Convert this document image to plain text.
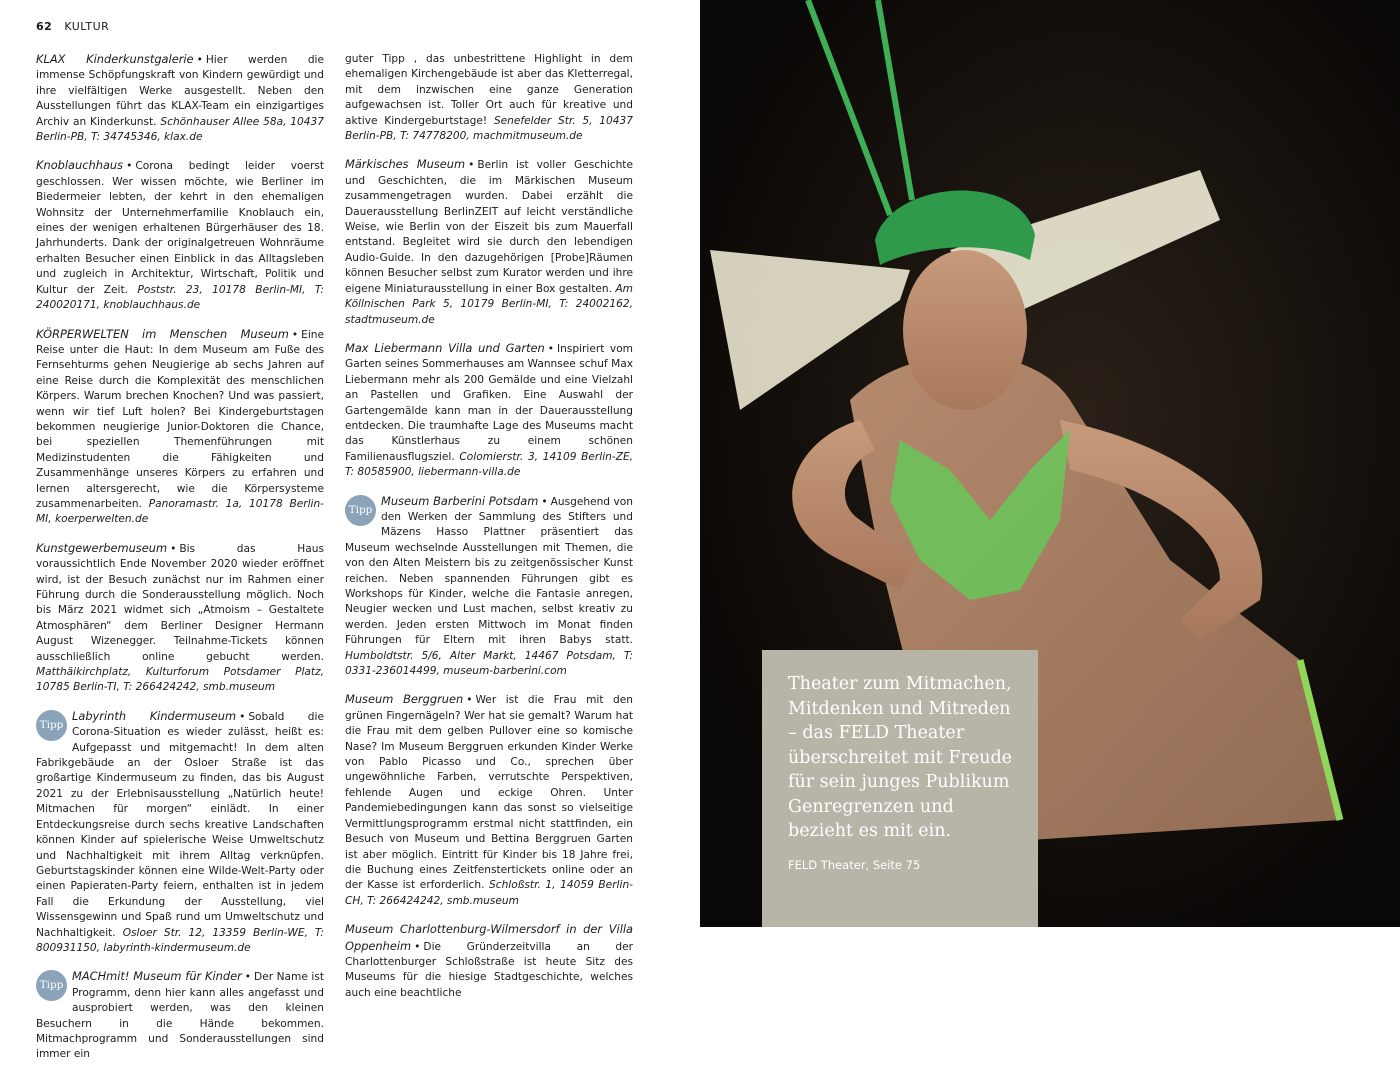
62 KULTUR

KLAX Kinderkunstgalerie • Hier werden die immense Schöpfungskraft von Kindern gewürdigt und ihre vielfältigen Werke ausgestellt. Neben den Ausstellungen führt das KLAX-Team ein einzigartiges Archiv an Kinderkunst. Schönhauser Allee 58a, 10437 Berlin-PB, T: 34745346, klax.de

Knoblauchhaus • Corona bedingt leider voerst geschlossen. Wer wissen möchte, wie Berliner im Biedermeier lebten, der kehrt in den ehemaligen Wohnsitz der Unternehmerfamilie Knoblauch ein, eines der wenigen erhaltenen Bürgerhäuser des 18. Jahrhunderts. Dank der originalgetreuen Wohnräume erhalten Besucher einen Einblick in das Alltagsleben und zugleich in Architektur, Wirtschaft, Politik und Kultur der Zeit. Poststr. 23, 10178 Berlin-MI, T: 240020171, knoblauchhaus.de

KÖRPERWELTEN im Menschen Museum • Eine Reise unter die Haut: In dem Museum am Fuße des Fernsehturms gehen Neugierige ab sechs Jahren auf eine Reise durch die Komplexität des menschlichen Körpers. Warum brechen Knochen? Und was passiert, wenn wir tief Luft holen? Bei Kindergeburtstagen bekommen neugierige Junior-Doktoren die Chance, bei speziellen Themenführungen mit Medizinstudenten die Fähigkeiten und Zusammenhänge unseres Körpers zu erfahren und lernen altersgerecht, wie die Körpersysteme zusammenarbeiten. Panoramastr. 1a, 10178 Berlin-MI, koerperwelten.de

Kunstgewerbemuseum • Bis das Haus voraussichtlich Ende November 2020 wieder eröffnet wird, ist der Besuch zunächst nur im Rahmen einer Führung durch die Sonderausstellung möglich. Noch bis März 2021 widmet sich „Atmoism – Gestaltete Atmosphären“ dem Berliner Designer Hermann August Wizenegger. Teilnahme-Tickets können ausschließlich online gebucht werden. Matthäikirchplatz, Kulturforum Potsdamer Platz, 10785 Berlin-TI, T: 266424242, smb.museum

Tipp
Labyrinth Kindermuseum • Sobald die Corona-Situation es wieder zulässt, heißt es: Aufgepasst und mitgemacht! In dem alten Fabrikgebäude an der Osloer Straße ist das großartige Kindermuseum zu finden, das bis August 2021 zu der Erlebnisausstellung „Natürlich heute! Mitmachen für morgen“ einlädt. In einer Entdeckungsreise durch sechs kreative Landschaften können Kinder auf spielerische Weise Umweltschutz und Nachhaltigkeit mit ihrem Alltag verknüpfen. Geburtstagskinder können eine Wilde-Welt-Party oder einen Papieraten-Party feiern, enthalten ist in jedem Fall die Erkundung der Ausstellung, viel Wissensgewinn und Spaß rund um Umweltschutz und Nachhaltigkeit. Osloer Str. 12, 13359 Berlin-WE, T: 800931150, labyrinth-kindermuseum.de

Tipp
MACHmit! Museum für Kinder • Der Name ist Programm, denn hier kann alles angefasst und ausprobiert werden, was den kleinen Besuchern in die Hände bekommen. Mitmachprogramm und Sonderausstellungen sind immer ein

guter Tipp , das unbestrittene Highlight in dem ehemaligen Kirchengebäude ist aber das Kletterregal, mit dem inzwischen eine ganze Generation aufgewachsen ist. Toller Ort auch für kreative und aktive Kindergeburtstage! Senefelder Str. 5, 10437 Berlin-PB, T: 74778200, machmitmuseum.de

Märkisches Museum • Berlin ist voller Geschichte und Geschichten, die im Märkischen Museum zusammengetragen wurden. Dabei erzählt die Dauerausstellung BerlinZEIT auf leicht verständliche Weise, wie Berlin von der Eiszeit bis zum Mauerfall entstand. Begleitet wird sie durch den lebendigen Audio-Guide. In den dazugehörigen [Probe]Räumen können Besucher selbst zum Kurator werden und ihre eigene Miniaturausstellung in einer Box gestalten. Am Köllnischen Park 5, 10179 Berlin-MI, T: 24002162, stadtmuseum.de

Max Liebermann Villa und Garten • Inspiriert vom Garten seines Sommerhauses am Wannsee schuf Max Liebermann mehr als 200 Gemälde und eine Vielzahl an Pastellen und Grafiken. Eine Auswahl der Gartengemälde kann man in der Dauerausstellung entdecken. Die traumhafte Lage des Museums macht das Künstlerhaus zu einem schönen Familienausflugsziel. Colomierstr. 3, 14109 Berlin-ZE, T: 80585900, liebermann-villa.de

Tipp
Museum Barberini Potsdam • Ausgehend von den Werken der Sammlung des Stifters und Mäzens Hasso Plattner präsentiert das Museum wechselnde Ausstellungen mit Themen, die von den Alten Meistern bis zu zeitgenössischer Kunst reichen. Neben spannenden Führungen gibt es Workshops für Kinder, welche die Fantasie anregen, Neugier wecken und Lust machen, selbst kreativ zu werden. Jeden ersten Mittwoch im Monat finden Führungen für Eltern mit ihren Babys statt. Humboldtstr. 5/6, Alter Markt, 14467 Potsdam, T: 0331-236014499, museum-barberini.com

Museum Berggruen • Wer ist die Frau mit den grünen Fingernägeln? Wer hat sie gemalt? Warum hat die Frau mit dem gelben Pullover eine so komische Nase? Im Museum Berggruen erkunden Kinder Werke von Pablo Picasso und Co., sprechen über ungewöhnliche Farben, verrutschte Perspektiven, fehlende Augen und eckige Ohren. Unter Pandemiebedingungen kann das sonst so vielseitige Vermittlungsprogramm erstmal nicht stattfinden, ein Besuch von Museum und Bettina Berggruen Garten ist aber möglich. Eintritt für Kinder bis 18 Jahre frei, die Buchung eines Zeitfenstertickets online oder an der Kasse ist erforderlich. Schloßstr. 1, 14059 Berlin-CH, T: 266424242, smb.museum

Museum Charlottenburg-Wilmersdorf in der Villa Oppenheim • Die Gründerzeitvilla an der Charlottenburger Schloßstraße ist heute Sitz des Museums für die hiesige Stadtgeschichte, welches auch eine beachtliche

Theater zum Mitmachen, Mitdenken und Mitreden – das FELD Theater überschreitet mit Freude für sein junges Publikum Genregrenzen und bezieht es mit ein.
FELD Theater, Seite 75
